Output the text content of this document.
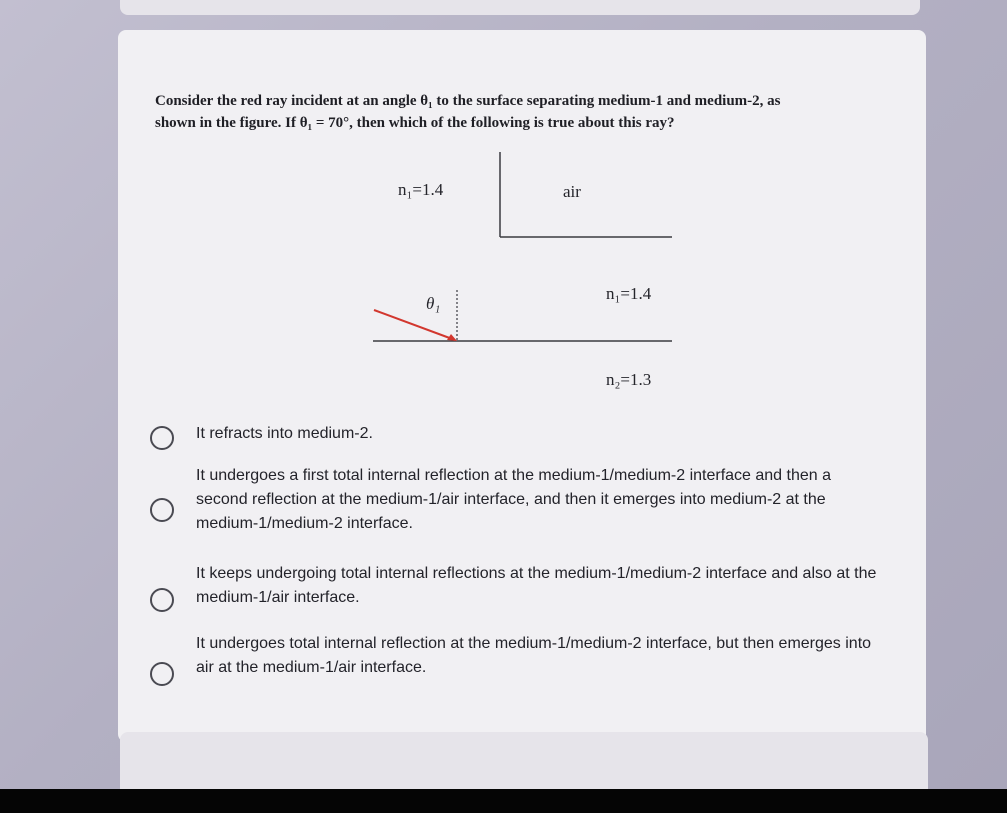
Consider the red ray incident at an angle θ₁ to the surface separating medium-1 and medium-2, as

shown in the figure. If θ₁ = 70°, then which of the following is true about this ray?

n₁=1.4	air
θ₁
n₁=1.4
n₂=1.3
It refracts into medium-2.
It undergoes a first total internal reflection at the medium-1/medium-2 interface and then a second reflection at the medium-1/air interface, and then it emerges into medium-2 at the medium-1/medium-2 interface.
It keeps undergoing total internal reflections at the medium-1/medium-2 interface and also at the medium-1/air interface.
It undergoes total internal reflection at the medium-1/medium-2 interface, but then emerges into air at the medium-1/air interface.
